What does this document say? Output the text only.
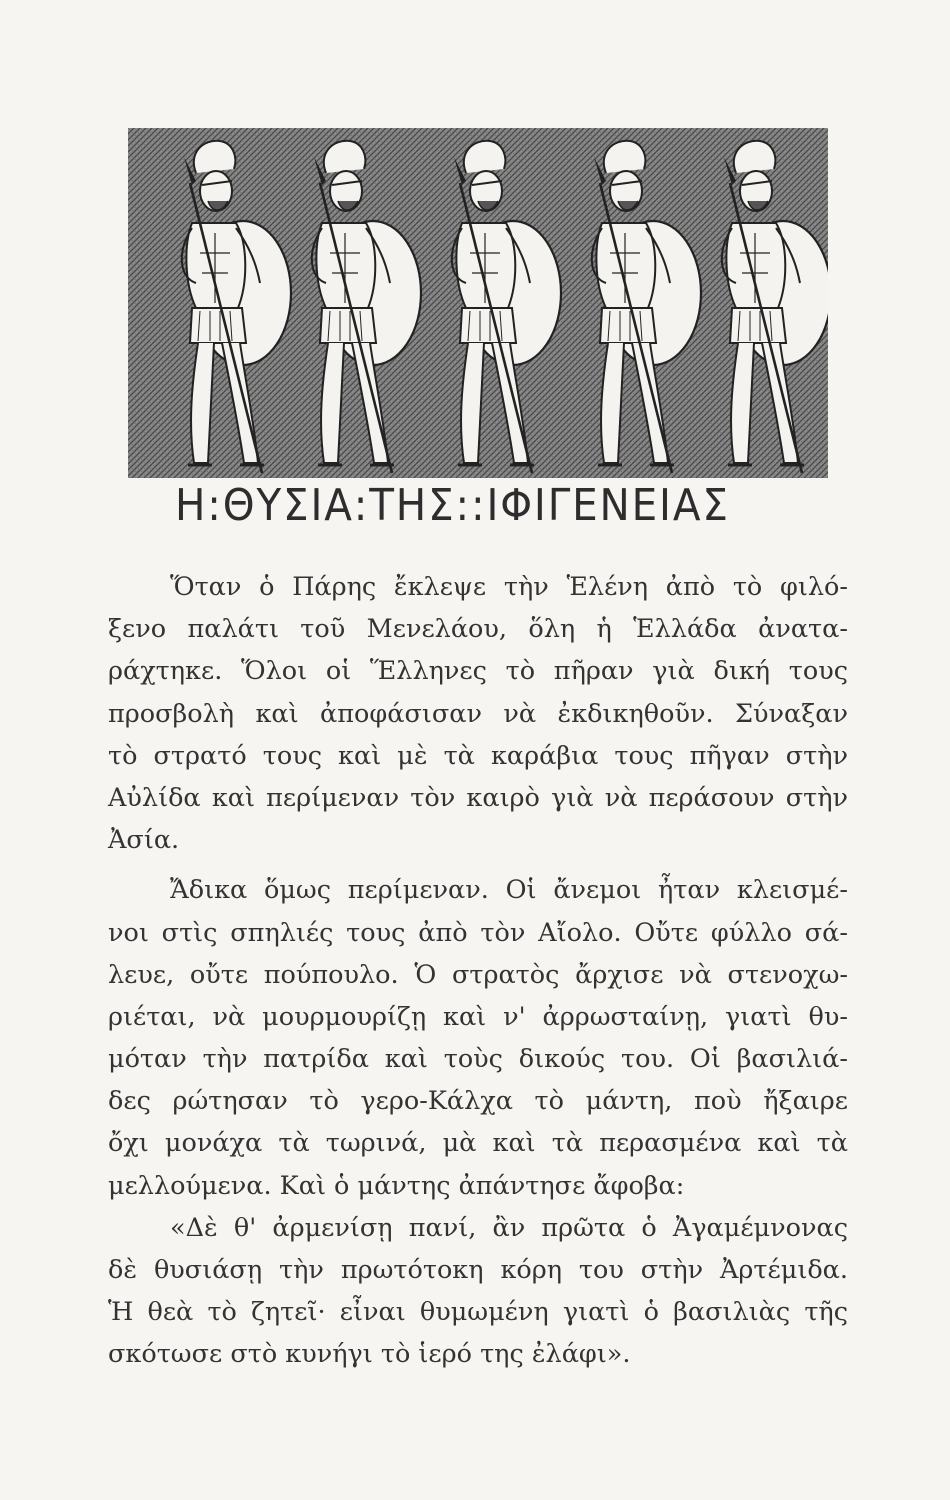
Η:ΘΥΣΙΑ:ΤΗΣ::ΙΦΙΓΕΝΕΙΑΣ
Ὅταν ὁ Πάρης ἔκλεψε τὴν Ἑλένη ἀπὸ τὸ φιλό-
ξενο παλάτι τοῦ Μενελάου, ὅλη ἡ Ἑλλάδα ἀνατα-
ράχτηκε. Ὅλοι οἱ Ἕλληνες τὸ πῆραν γιὰ δική τους
προσβολὴ καὶ ἀποφάσισαν νὰ ἐκδικηθοῦν. Σύναξαν
τὸ στρατό τους καὶ μὲ τὰ καράβια τους πῆγαν στὴν
Αὐλίδα καὶ περίμεναν τὸν καιρὸ γιὰ νὰ περάσουν στὴν
Ἀσία.
Ἄδικα ὅμως περίμεναν. Οἱ ἄνεμοι ἦταν κλεισμέ-
νοι στὶς σπηλιές τους ἀπὸ τὸν Αἴολο. Οὔτε φύλλο σά-
λευε, οὔτε πούπουλο. Ὁ στρατὸς ἄρχισε νὰ στενοχω-
ριέται, νὰ μουρμουρίζῃ καὶ ν' ἀρρωσταίνῃ, γιατὶ θυ-
μόταν τὴν πατρίδα καὶ τοὺς δικούς του. Οἱ βασιλιά-
δες ρώτησαν τὸ γερο-Κάλχα τὸ μάντη, ποὺ ἤξαιρε
ὄχι μονάχα τὰ τωρινά, μὰ καὶ τὰ περασμένα καὶ τὰ
μελλούμενα. Καὶ ὁ μάντης ἀπάντησε ἄφοβα:
«Δὲ θ' ἀρμενίσῃ πανί, ἂν πρῶτα ὁ Ἀγαμέμνονας
δὲ θυσιάσῃ τὴν πρωτότοκη κόρη του στὴν Ἀρτέμιδα.
Ἡ θεὰ τὸ ζητεῖ· εἶναι θυμωμένη γιατὶ ὁ βασιλιὰς τῆς
σκότωσε στὸ κυνήγι τὸ ἱερό της ἐλάφι».
